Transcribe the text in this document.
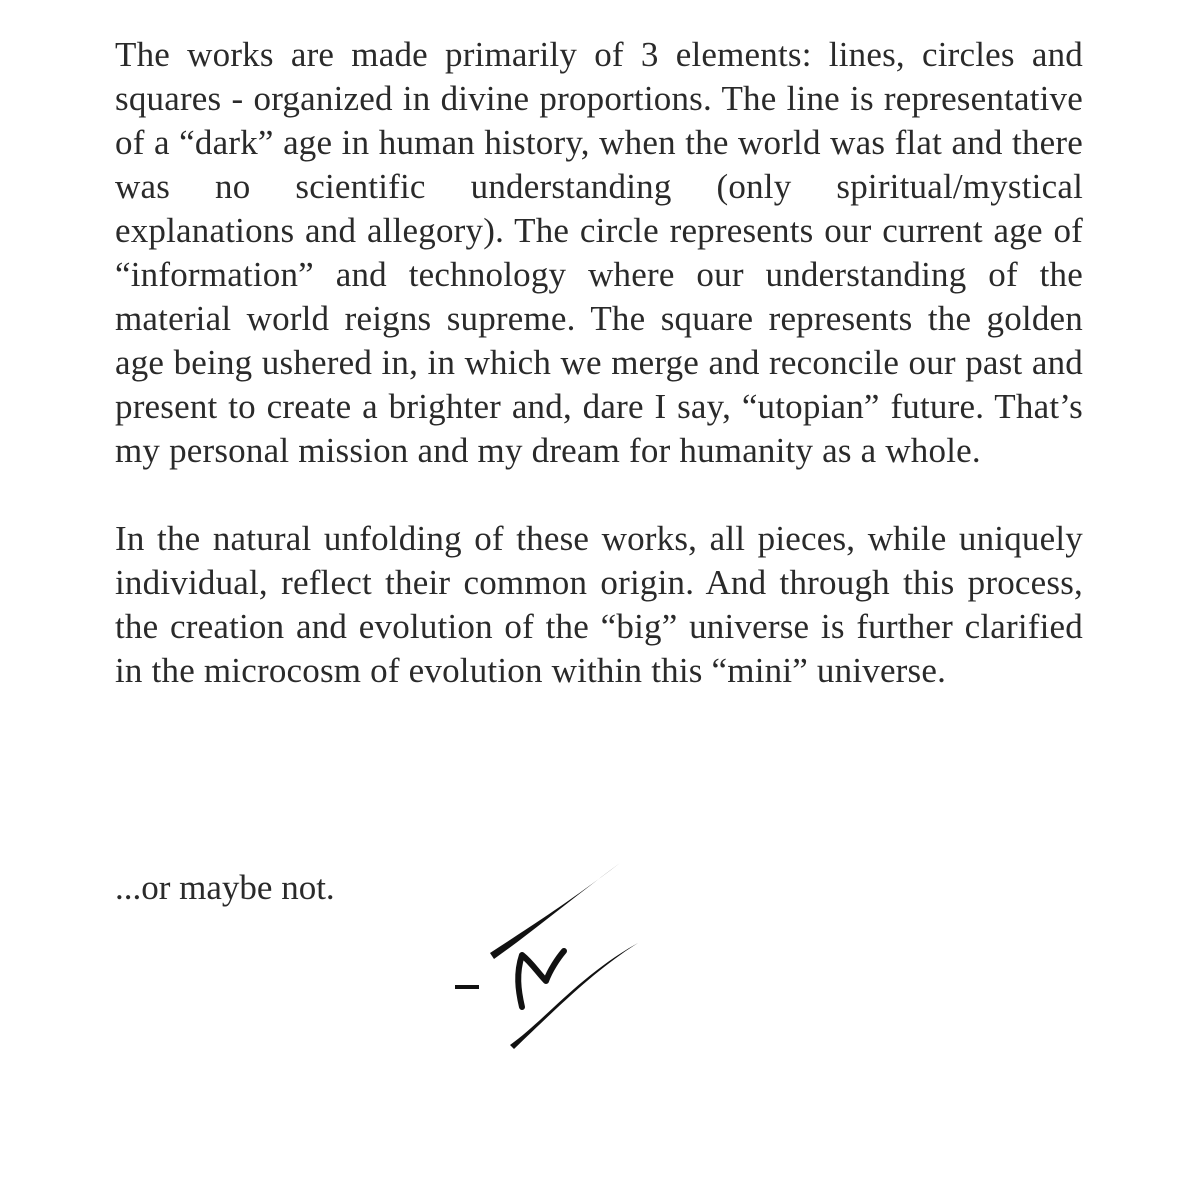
The works are made primarily of 3 elements: lines, circles and squares - organized in divine proportions. The line is representative of a “dark” age in human history, when the world was flat and there was no scientific understanding (only spiritual/mystical explanations and allegory). The circle represents our current age of “information” and technology where our understanding of the material world reigns supreme. The square represents the golden age being ushered in, in which we merge and reconcile our past and present to create a brighter and, dare I say, “utopian” future. That’s my personal mission and my dream for humanity as a whole.

In the natural unfolding of these works, all pieces, while uniquely individual, reflect their common origin. And through this process, the creation and evolution of the “big” universe is further clarified in the microcosm of evolution within this “mini” universe.

...or maybe not.
